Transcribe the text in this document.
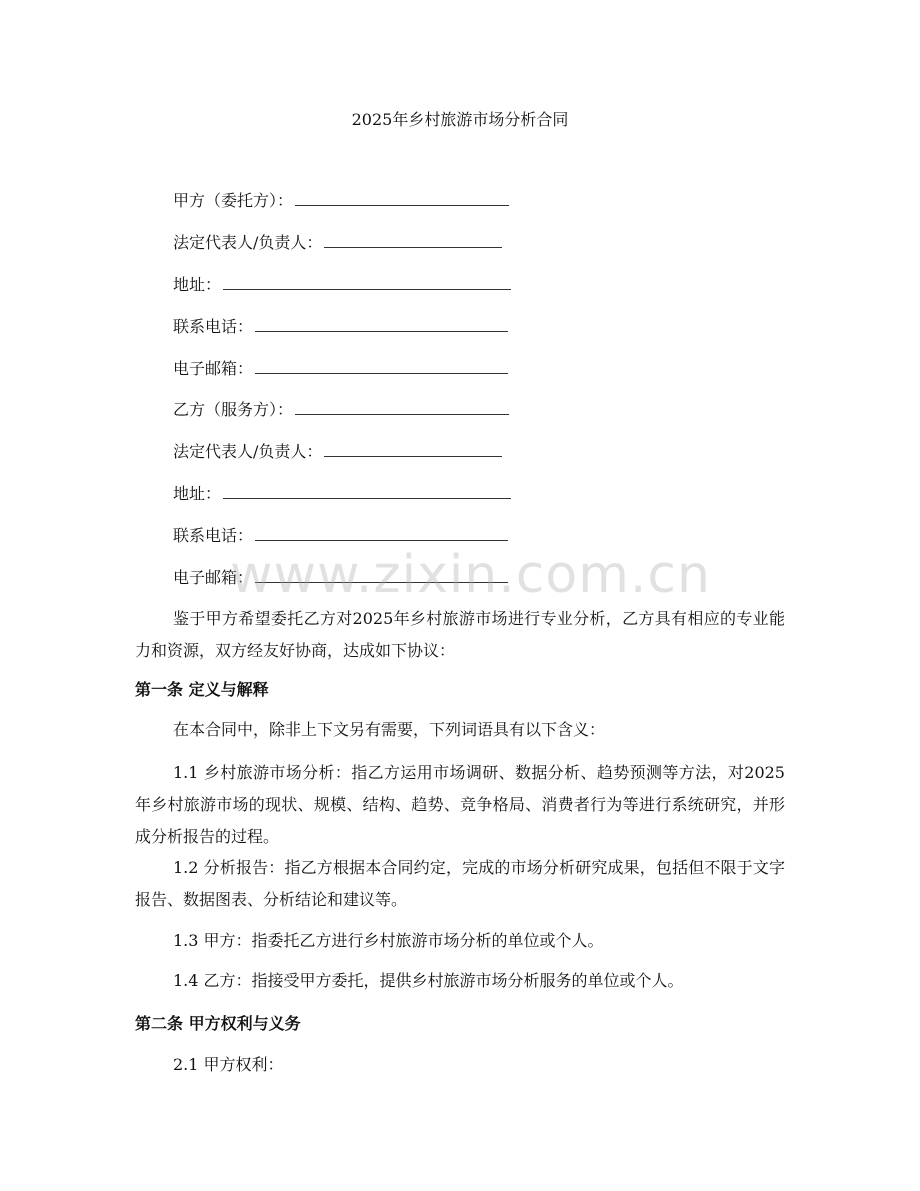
2025年乡村旅游市场分析合同
甲方（委托方）：
法定代表人/负责人：
地址：
联系电话：
电子邮箱：
乙方（服务方）：
法定代表人/负责人：
地址：
联系电话：
电子邮箱：
鉴于甲方希望委托乙方对2025年乡村旅游市场进行专业分析，乙方具有相应的专业能力和资源，双方经友好协商，达成如下协议：
第一条 定义与解释
在本合同中，除非上下文另有需要，下列词语具有以下含义：
1.1 乡村旅游市场分析：指乙方运用市场调研、数据分析、趋势预测等方法，对2025年乡村旅游市场的现状、规模、结构、趋势、竞争格局、消费者行为等进行系统研究，并形成分析报告的过程。
1.2 分析报告：指乙方根据本合同约定，完成的市场分析研究成果，包括但不限于文字报告、数据图表、分析结论和建议等。
1.3 甲方：指委托乙方进行乡村旅游市场分析的单位或个人。
1.4 乙方：指接受甲方委托，提供乡村旅游市场分析服务的单位或个人。
第二条 甲方权利与义务
2.1 甲方权利：
www.zixin.com.cn
